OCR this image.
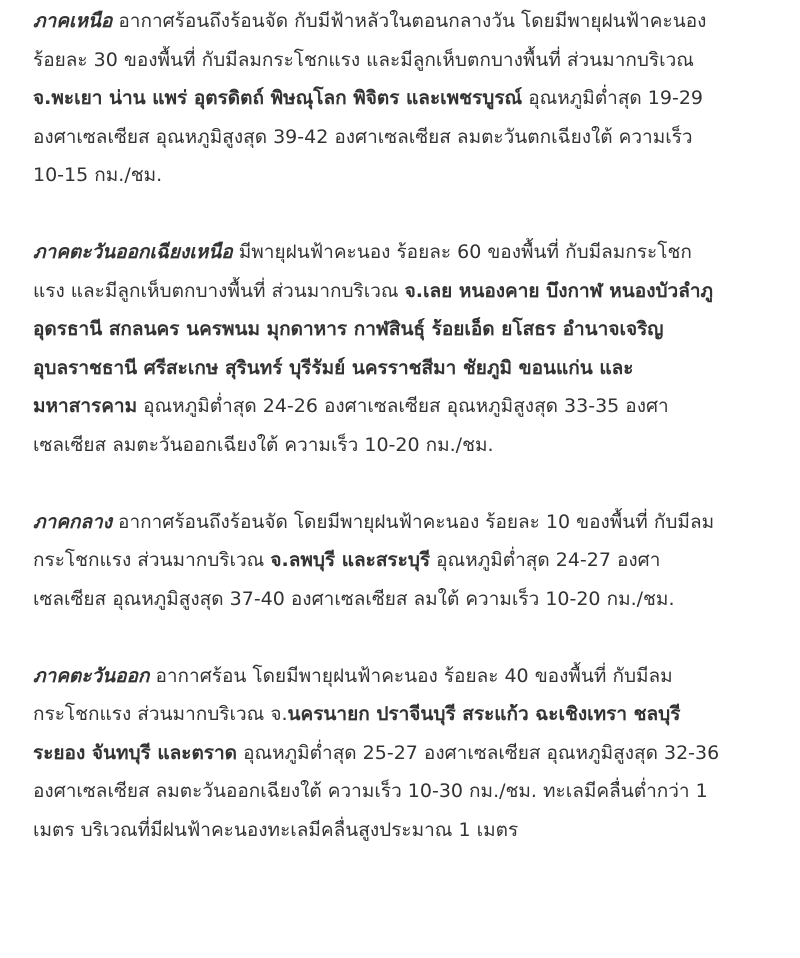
ภาคเหนือ อากาศร้อนถึงร้อนจัด กับมีฟ้าหลัวในตอนกลางวัน โดยมีพายุฝนฟ้าคะนอง ร้อยละ 30 ของพื้นที่ กับมีลมกระโชกแรง และมีลูกเห็บตกบางพื้นที่ ส่วนมากบริเวณ จ.พะเยา น่าน แพร่ อุตรดิตถ์ พิษณุโลก พิจิตร และเพชรบูรณ์ อุณหภูมิต่ำสุด 19-29 องศาเซลเซียส อุณหภูมิสูงสุด 39-42 องศาเซลเซียส ลมตะวันตกเฉียงใต้ ความเร็ว 10-15 กม./ชม.

ภาคตะวันออกเฉียงเหนือ มีพายุฝนฟ้าคะนอง ร้อยละ 60 ของพื้นที่ กับมีลมกระโชกแรง และมีลูกเห็บตกบางพื้นที่ ส่วนมากบริเวณ จ.เลย หนองคาย บึงกาฬ หนองบัวลำภู อุดรธานี สกลนคร นครพนม มุกดาหาร กาฬสินธุ์ ร้อยเอ็ด ยโสธร อำนาจเจริญ อุบลราชธานี ศรีสะเกษ สุรินทร์ บุรีรัมย์ นครราชสีมา ชัยภูมิ ขอนแก่น และมหาสารคาม อุณหภูมิต่ำสุด 24-26 องศาเซลเซียส อุณหภูมิสูงสุด 33-35 องศาเซลเซียส ลมตะวันออกเฉียงใต้ ความเร็ว 10-20 กม./ชม.

ภาคกลาง อากาศร้อนถึงร้อนจัด โดยมีพายุฝนฟ้าคะนอง ร้อยละ 10 ของพื้นที่ กับมีลมกระโชกแรง ส่วนมากบริเวณ จ.ลพบุรี และสระบุรี อุณหภูมิต่ำสุด 24-27 องศาเซลเซียส อุณหภูมิสูงสุด 37-40 องศาเซลเซียส ลมใต้ ความเร็ว 10-20 กม./ชม.

ภาคตะวันออก อากาศร้อน โดยมีพายุฝนฟ้าคะนอง ร้อยละ 40 ของพื้นที่ กับมีลมกระโชกแรง ส่วนมากบริเวณ จ.นครนายก ปราจีนบุรี สระแก้ว ฉะเชิงเทรา ชลบุรี ระยอง จันทบุรี และตราด อุณหภูมิต่ำสุด 25-27 องศาเซลเซียส อุณหภูมิสูงสุด 32-36 องศาเซลเซียส ลมตะวันออกเฉียงใต้ ความเร็ว 10-30 กม./ชม. ทะเลมีคลื่นต่ำกว่า 1 เมตร บริเวณที่มีฝนฟ้าคะนองทะเลมีคลื่นสูงประมาณ 1 เมตร
